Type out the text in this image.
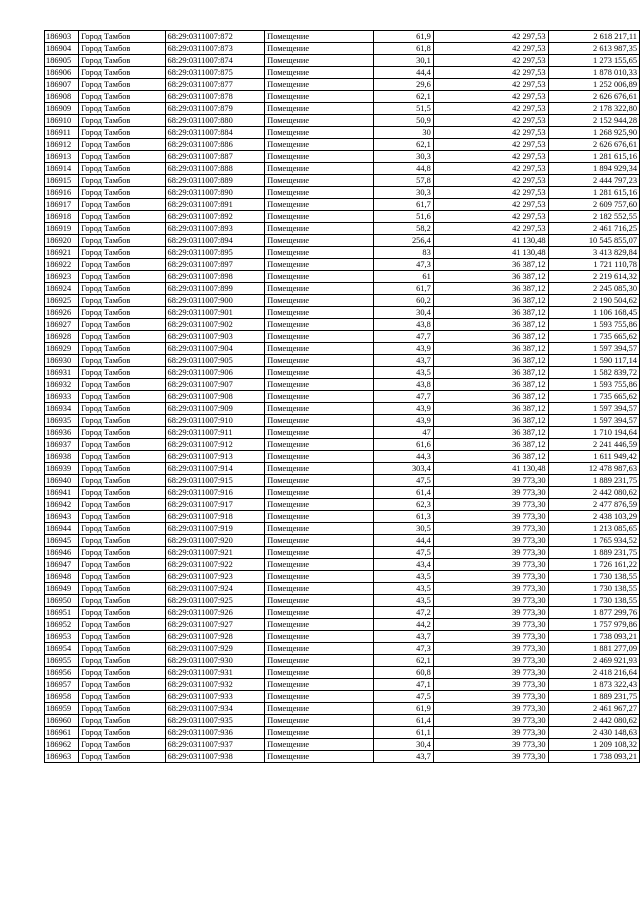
186903	Город Тамбов	68:29:0311007:872	Помещение	61,9	42 297,53	2 618 217,11
186904	Город Тамбов	68:29:0311007:873	Помещение	61,8	42 297,53	2 613 987,35
186905	Город Тамбов	68:29:0311007:874	Помещение	30,1	42 297,53	1 273 155,65
186906	Город Тамбов	68:29:0311007:875	Помещение	44,4	42 297,53	1 878 010,33
186907	Город Тамбов	68:29:0311007:877	Помещение	29,6	42 297,53	1 252 006,89
186908	Город Тамбов	68:29:0311007:878	Помещение	62,1	42 297,53	2 626 676,61
186909	Город Тамбов	68:29:0311007:879	Помещение	51,5	42 297,53	2 178 322,80
186910	Город Тамбов	68:29:0311007:880	Помещение	50,9	42 297,53	2 152 944,28
186911	Город Тамбов	68:29:0311007:884	Помещение	30	42 297,53	1 268 925,90
186912	Город Тамбов	68:29:0311007:886	Помещение	62,1	42 297,53	2 626 676,61
186913	Город Тамбов	68:29:0311007:887	Помещение	30,3	42 297,53	1 281 615,16
186914	Город Тамбов	68:29:0311007:888	Помещение	44,8	42 297,53	1 894 929,34
186915	Город Тамбов	68:29:0311007:889	Помещение	57,8	42 297,53	2 444 797,23
186916	Город Тамбов	68:29:0311007:890	Помещение	30,3	42 297,53	1 281 615,16
186917	Город Тамбов	68:29:0311007:891	Помещение	61,7	42 297,53	2 609 757,60
186918	Город Тамбов	68:29:0311007:892	Помещение	51,6	42 297,53	2 182 552,55
186919	Город Тамбов	68:29:0311007:893	Помещение	58,2	42 297,53	2 461 716,25
186920	Город Тамбов	68:29:0311007:894	Помещение	256,4	41 130,48	10 545 855,07
186921	Город Тамбов	68:29:0311007:895	Помещение	83	41 130,48	3 413 829,84
186922	Город Тамбов	68:29:0311007:897	Помещение	47,3	36 387,12	1 721 110,78
186923	Город Тамбов	68:29:0311007:898	Помещение	61	36 387,12	2 219 614,32
186924	Город Тамбов	68:29:0311007:899	Помещение	61,7	36 387,12	2 245 085,30
186925	Город Тамбов	68:29:0311007:900	Помещение	60,2	36 387,12	2 190 504,62
186926	Город Тамбов	68:29:0311007:901	Помещение	30,4	36 387,12	1 106 168,45
186927	Город Тамбов	68:29:0311007:902	Помещение	43,8	36 387,12	1 593 755,86
186928	Город Тамбов	68:29:0311007:903	Помещение	47,7	36 387,12	1 735 665,62
186929	Город Тамбов	68:29:0311007:904	Помещение	43,9	36 387,12	1 597 394,57
186930	Город Тамбов	68:29:0311007:905	Помещение	43,7	36 387,12	1 590 117,14
186931	Город Тамбов	68:29:0311007:906	Помещение	43,5	36 387,12	1 582 839,72
186932	Город Тамбов	68:29:0311007:907	Помещение	43,8	36 387,12	1 593 755,86
186933	Город Тамбов	68:29:0311007:908	Помещение	47,7	36 387,12	1 735 665,62
186934	Город Тамбов	68:29:0311007:909	Помещение	43,9	36 387,12	1 597 394,57
186935	Город Тамбов	68:29:0311007:910	Помещение	43,9	36 387,12	1 597 394,57
186936	Город Тамбов	68:29:0311007:911	Помещение	47	36 387,12	1 710 194,64
186937	Город Тамбов	68:29:0311007:912	Помещение	61,6	36 387,12	2 241 446,59
186938	Город Тамбов	68:29:0311007:913	Помещение	44,3	36 387,12	1 611 949,42
186939	Город Тамбов	68:29:0311007:914	Помещение	303,4	41 130,48	12 478 987,63
186940	Город Тамбов	68:29:0311007:915	Помещение	47,5	39 773,30	1 889 231,75
186941	Город Тамбов	68:29:0311007:916	Помещение	61,4	39 773,30	2 442 080,62
186942	Город Тамбов	68:29:0311007:917	Помещение	62,3	39 773,30	2 477 876,59
186943	Город Тамбов	68:29:0311007:918	Помещение	61,3	39 773,30	2 438 103,29
186944	Город Тамбов	68:29:0311007:919	Помещение	30,5	39 773,30	1 213 085,65
186945	Город Тамбов	68:29:0311007:920	Помещение	44,4	39 773,30	1 765 934,52
186946	Город Тамбов	68:29:0311007:921	Помещение	47,5	39 773,30	1 889 231,75
186947	Город Тамбов	68:29:0311007:922	Помещение	43,4	39 773,30	1 726 161,22
186948	Город Тамбов	68:29:0311007:923	Помещение	43,5	39 773,30	1 730 138,55
186949	Город Тамбов	68:29:0311007:924	Помещение	43,5	39 773,30	1 730 138,55
186950	Город Тамбов	68:29:0311007:925	Помещение	43,5	39 773,30	1 730 138,55
186951	Город Тамбов	68:29:0311007:926	Помещение	47,2	39 773,30	1 877 299,76
186952	Город Тамбов	68:29:0311007:927	Помещение	44,2	39 773,30	1 757 979,86
186953	Город Тамбов	68:29:0311007:928	Помещение	43,7	39 773,30	1 738 093,21
186954	Город Тамбов	68:29:0311007:929	Помещение	47,3	39 773,30	1 881 277,09
186955	Город Тамбов	68:29:0311007:930	Помещение	62,1	39 773,30	2 469 921,93
186956	Город Тамбов	68:29:0311007:931	Помещение	60,8	39 773,30	2 418 216,64
186957	Город Тамбов	68:29:0311007:932	Помещение	47,1	39 773,30	1 873 322,43
186958	Город Тамбов	68:29:0311007:933	Помещение	47,5	39 773,30	1 889 231,75
186959	Город Тамбов	68:29:0311007:934	Помещение	61,9	39 773,30	2 461 967,27
186960	Город Тамбов	68:29:0311007:935	Помещение	61,4	39 773,30	2 442 080,62
186961	Город Тамбов	68:29:0311007:936	Помещение	61,1	39 773,30	2 430 148,63
186962	Город Тамбов	68:29:0311007:937	Помещение	30,4	39 773,30	1 209 108,32
186963	Город Тамбов	68:29:0311007:938	Помещение	43,7	39 773,30	1 738 093,21
